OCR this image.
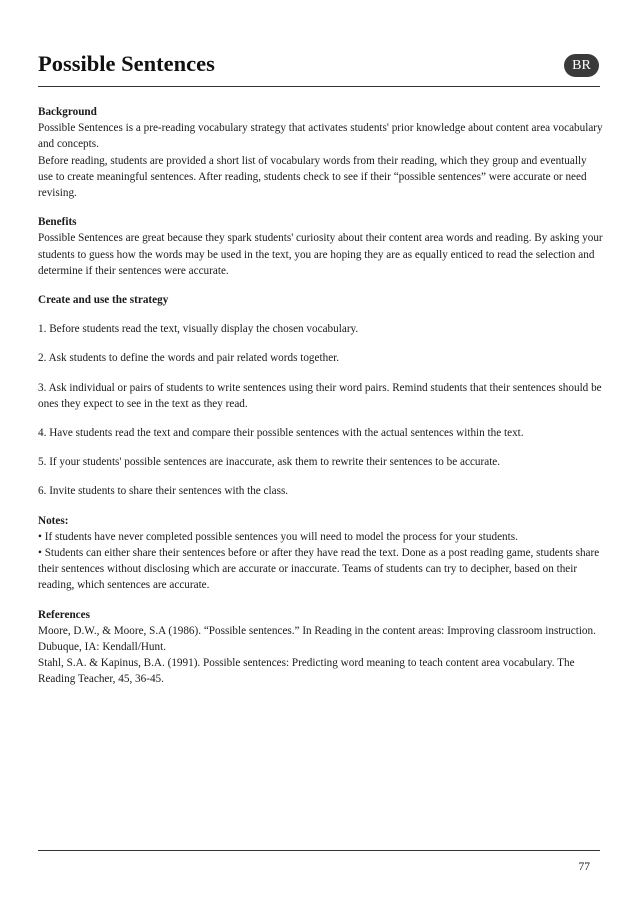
Possible Sentences	BR
Background
Possible Sentences is a pre-reading vocabulary strategy that activates students' prior knowledge about content area vocabulary and concepts.
Before reading, students are provided a short list of vocabulary words from their reading, which they group and eventually use to create meaningful sentences. After reading, students check to see if their “possible sentences” were accurate or need revising.
Benefits
Possible Sentences are great because they spark students' curiosity about their content area words and reading. By asking your students to guess how the words may be used in the text, you are hoping they are as equally enticed to read the selection and determine if their sentences were accurate.
Create and use the strategy
1. Before students read the text, visually display the chosen vocabulary.
2. Ask students to define the words and pair related words together.
3. Ask individual or pairs of students to write sentences using their word pairs. Remind students that their sentences should be ones they expect to see in the text as they read.
4. Have students read the text and compare their possible sentences with the actual sentences within the text.
5. If your students' possible sentences are inaccurate, ask them to rewrite their sentences to be accurate.
6. Invite students to share their sentences with the class.
Notes:
• If students have never completed possible sentences you will need to model the process for your students.
• Students can either share their sentences before or after they have read the text. Done as a post reading game, students share their sentences without disclosing which are accurate or inaccurate. Teams of students can try to decipher, based on their reading, which sentences are accurate.
References
Moore, D.W., & Moore, S.A (1986). “Possible sentences.” In Reading in the content areas: Improving classroom instruction. Dubuque, IA: Kendall/Hunt.
Stahl, S.A. & Kapinus, B.A. (1991). Possible sentences: Predicting word meaning to teach content area vocabulary. The Reading Teacher, 45, 36-45.
77
